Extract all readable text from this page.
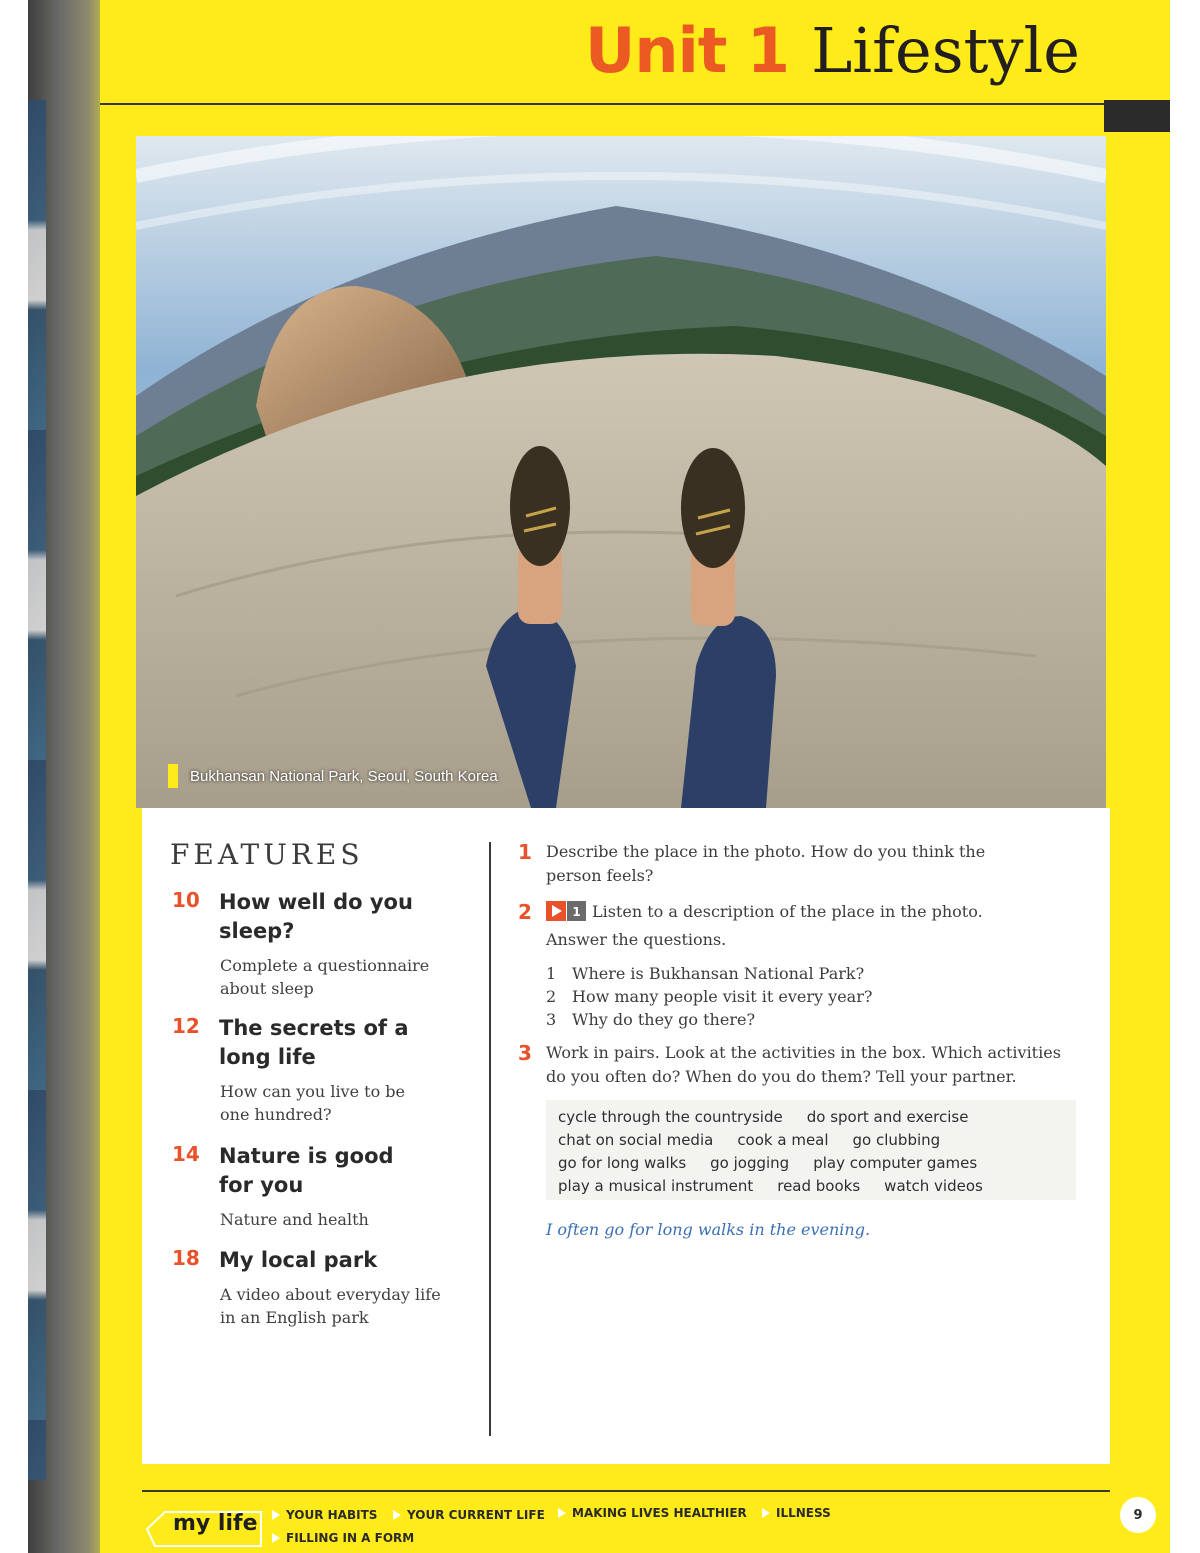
Unit 1 Lifestyle
Bukhansan National Park, Seoul, South Korea
FEATURES
10 How well do you
sleep?
Complete a questionnaire
about sleep
12 The secrets of a
long life
How can you live to be
one hundred?
14 Nature is good
for you
Nature and health
18 My local park
A video about everyday life
in an English park
1 Describe the place in the photo. How do you think the
person feels?
2	1 Listen to a description of the place in the photo.
Answer the questions.
1 Where is Bukhansan National Park?
2 How many people visit it every year?
3 Why do they go there?
3 Work in pairs. Look at the activities in the box. Which activities
do you often do? When do you do them? Tell your partner.
cycle through the countryside do sport and exercise
chat on social media cook a meal go clubbing
go for long walks go jogging play computer games
play a musical instrument read books watch videos
I often go for long walks in the evening.
my life YOUR HABITS YOUR CURRENT LIFE MAKING LIVES HEALTHIER ILLNESS
FILLING IN A FORM
9
